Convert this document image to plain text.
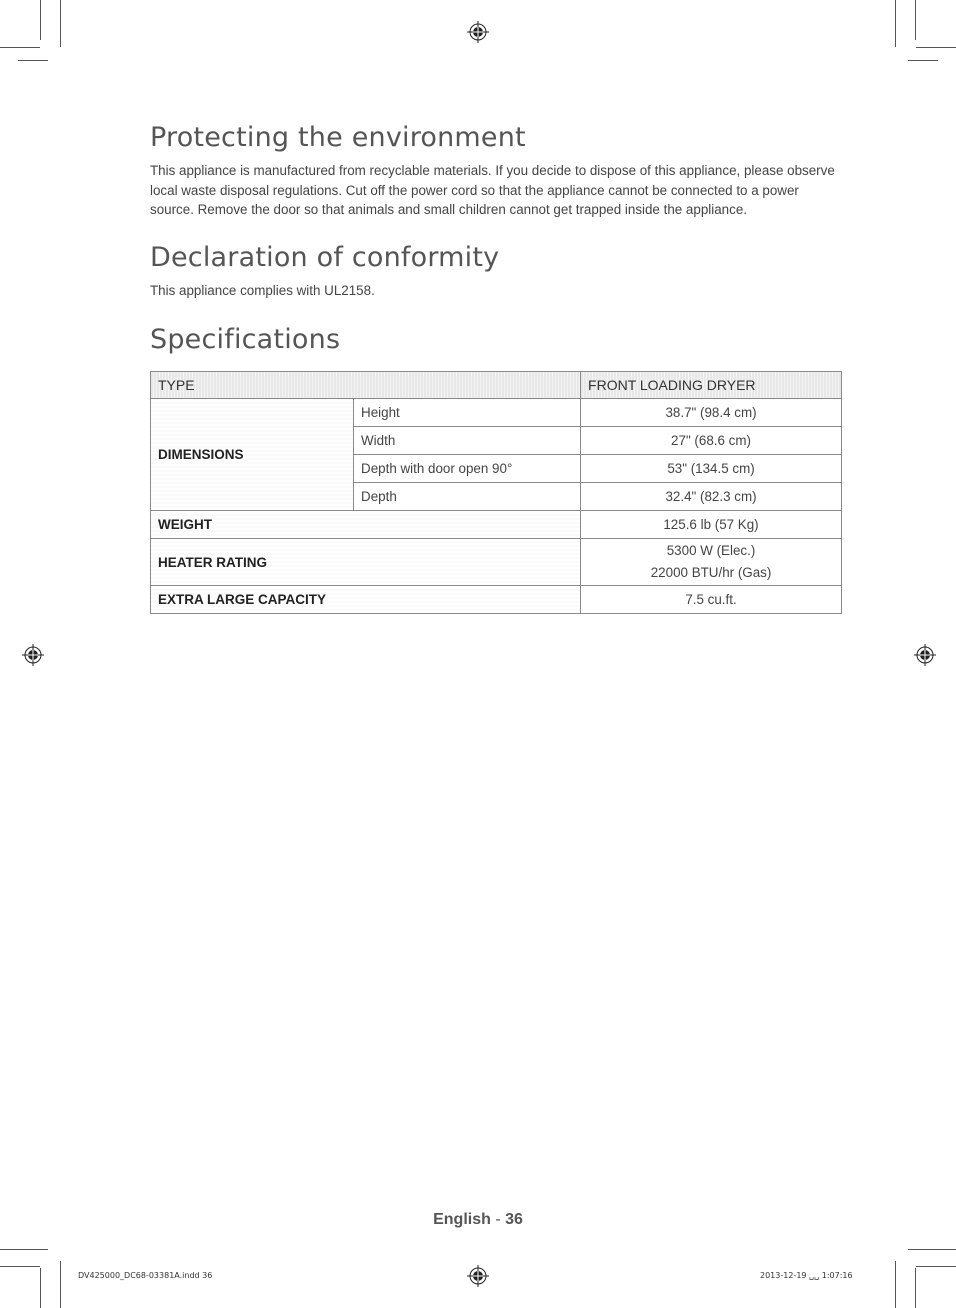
Protecting the environment

This appliance is manufactured from recyclable materials. If you decide to dispose of this appliance, please observe local waste disposal regulations. Cut off the power cord so that the appliance cannot be connected to a power source. Remove the door so that animals and small children cannot get trapped inside the appliance.

Declaration of conformity

This appliance complies with UL2158.

Specifications
TYPE		FRONT LOADING DRYER
DIMENSIONS	Height	38.7" (98.4 cm)
	Width	27" (68.6 cm)
	Depth with door open 90°	53" (134.5 cm)
	Depth	32.4" (82.3 cm)
WEIGHT		125.6 lb (57 Kg)
HEATER RATING		5300 W (Elec.)
22000 BTU/hr (Gas)

EXTRA LARGE CAPACITY		7.5 cu.ft.
English - 36
DV425000_DC68-03381A.indd 36	2013-12-19 ␣␣ 1:07:16
